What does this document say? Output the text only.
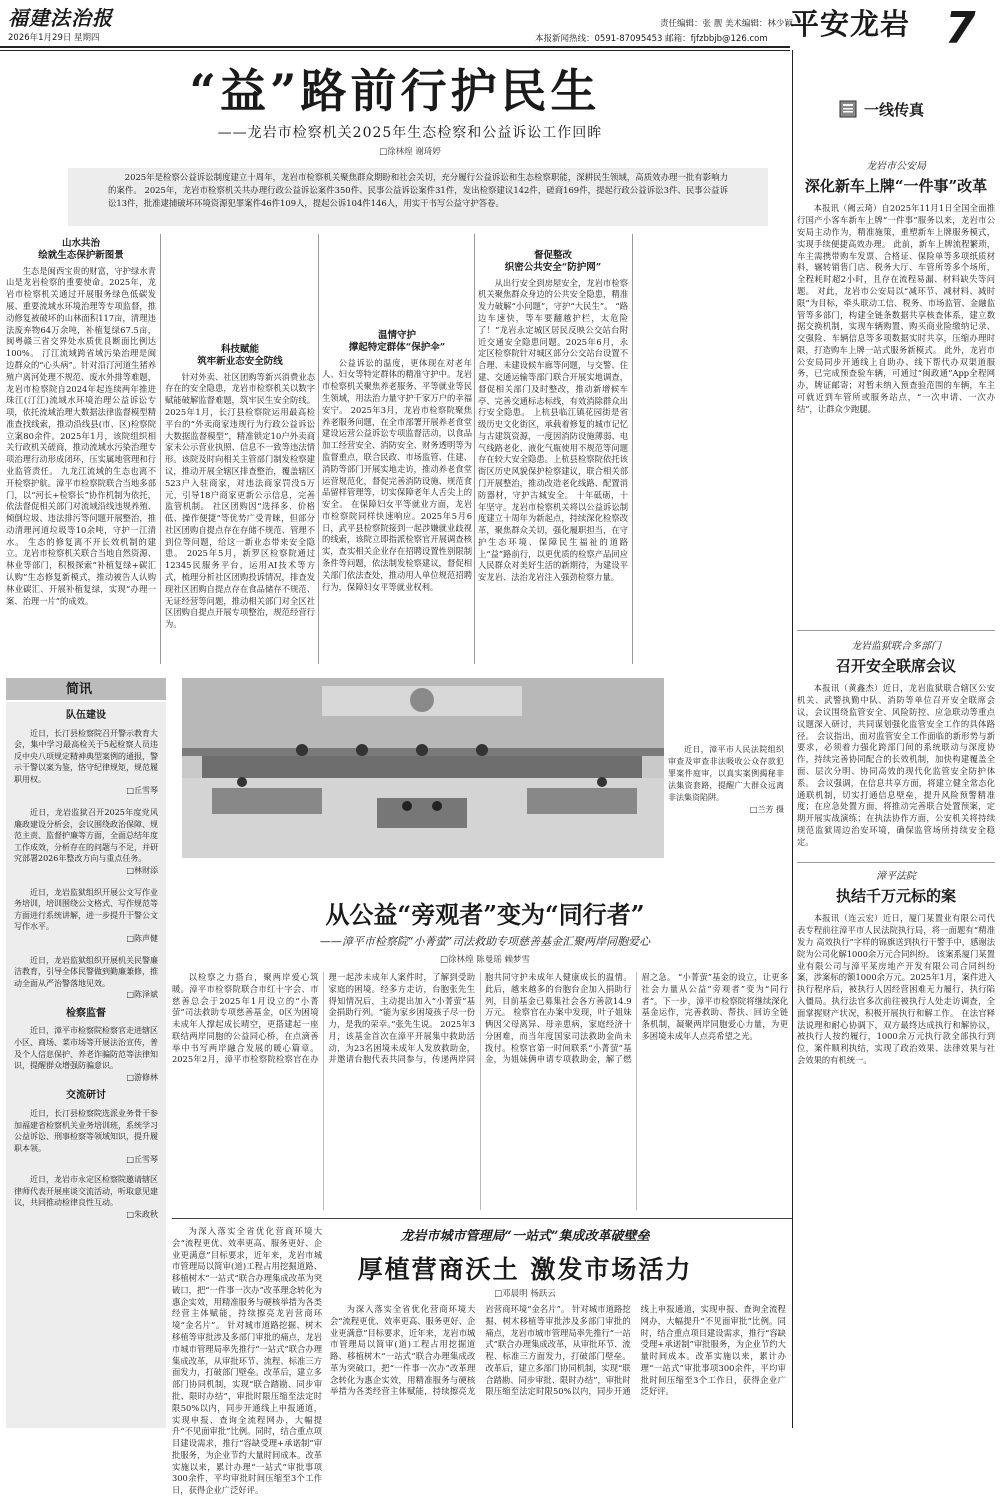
福建法治报
2026年1月29日 星期四
责任编辑：张 靓 美术编辑：林少颖
本报新闻热线：0591-87095453 邮箱：fjfzbbjb@126.com 平安龙岩 7
“益”路前行护民生
——龙岩市检察机关2025年生态检察和公益诉讼工作回眸
□徐林煌 谢琦婷
2025年是检察公益诉讼制度建立十周年，龙岩市检察机关聚焦群众期盼和社会关切，充分履行公益诉讼和生态检察职能，深耕民生领域，高质效办理一批有影响力的案件。 2025年，龙岩市检察机关共办理行政公益诉讼案件350件、民事公益诉讼案件31件，发出检察建议142件，磋商169件，提起行政公益诉讼3件、民事公益诉讼13件，批准逮捕破坏环境资源犯罪案件46件109人，提起公诉104件146人，用实干书写公益守护答卷。
山水共治
绘就生态保护新图景
生态是闽西宝贵的财富，守护绿水青山是龙岩检察的重要使命。2025年，龙岩市检察机关通过开展服务绿色低碳发展、重要流域水环境治理等专项监督，推动修复被破坏的山林面积117亩，清理违法废弃物64万余吨，补植复绿67.5亩，闽粤赣三省交界处水质优良断面比例达100%。 汀江流域跨省域污染治理是闽边群众的“心头病”。针对沿汀河道生猪养殖户离河处理不规范、废水外排等难题，龙岩市检察院自2024年起连续两年推进珠江(汀江)流域水环境治理公益诉讼专项，依托流域治理大数据法律监督模型精准查找线索，推动沿线县(市、区)检察院立案80余件。2025年1月，该院组织相关行政机关磋商，推动流域水污染治理专项治理行动形成闭环，压实属地管理和行业监管责任。 九龙江流域的生态也离不开检察护航。漳平市检察院联合当地多部门，以“河长+检察长”协作机制为依托，依法督促相关部门对流域沿线违规养殖、倾倒垃圾、违法排污等问题开展整治，推动清理河道垃圾等10余吨，守护一江清水。 生态的修复离不开长效机制的建立。龙岩市检察机关联合当地自然资源、林业等部门，积极探索“补植复绿+碳汇认购”生态修复新模式，推动被告人认购林业碳汇、开展补植复绿，实现“办理一案、治理一片”的成效。
科技赋能
筑牢新业态安全防线
针对外卖、社区团购等新兴消费业态存在的安全隐患，龙岩市检察机关以数字赋能破解监督难题，筑牢民生安全防线。 2025年1月，长汀县检察院运用最高检平台的“外卖商家违规行为行政公益诉讼大数据监督模型”，精准锁定10户外卖商家未公示营业执照、信息不一致等违法情形。该院及时向相关主管部门制发检察建议，推动开展全辖区排查整治，覆盖辖区523户入驻商家，对违法商家罚没5万元，引导18户商家更新公示信息，完善监管机制。 社区团购因“选择多、价格低、操作便捷”等优势广受青睐，但部分社区团购自提点存在存储不规范、管理不到位等问题，给这一新业态带来安全隐患。 2025年5月，新罗区检察院通过12345民服务平台，运用AI技术等方式，梳理分析社区团购投诉情况，排查发现社区团购自提点存在食品储存不规范、无证经营等问题，推动相关部门对全区社区团购自提点开展专项整治，规范经营行为。
温情守护
撑起特定群体“保护伞”
公益诉讼的温度，更体现在对老年人、妇女等特定群体的精准守护中。龙岩市检察机关聚焦养老服务、平等就业等民生领域，用法治力量守护千家万户的幸福安宁。 2025年3月，龙岩市检察院聚焦养老服务问题，在全市部署开展养老食堂建设运营公益诉讼专项监督活动，以食品加工经营安全、消防安全、财务透明等为监督重点，联合民政、市场监管、住建、消防等部门开展实地走访，推动养老食堂运营规范化，督促完善消防设施、规范食品留样管理等，切实保障老年人舌尖上的安全。 在保障妇女平等就业方面，龙岩市检察院同样快速响应。2025年5月6日，武平县检察院接到一起涉嫌就业歧视的线索，该院立即指派检察官开展调查核实，查实相关企业存在招聘设置性别限制条件等问题，依法制发检察建议，督促相关部门依法查处，推动用人单位规范招聘行为，保障妇女平等就业权利。
督促整改
织密公共安全“防护网”
从出行安全到房屋安全，龙岩市检察机关聚焦群众身边的公共安全隐患，精准发力破解“小问题”，守护“大民生”。 “路边车速快，等车要翻越护栏，太危险了！”龙岩永定城区居民反映公交站台附近交通安全隐患问题。2025年6月，永定区检察院针对城区部分公交站台设置不合理、未建设候车廊等问题，与交警、住建、交通运输等部门联合开展实地调查，督促相关部门及时整改，推动新增候车亭、完善交通标志标线，有效消除群众出行安全隐患。 上杭县临江镇花园街是省级历史文化街区，承载着修复的城市记忆与古建筑资源，一度因消防设施薄弱、电气线路老化、液化气瓶使用不规范等问题存在较大安全隐患。上杭县检察院依托该街区历史风貌保护检察建议，联合相关部门开展整治，推动改造老化线路、配置消防器材，守护古城安全。 十年砥砺，十年坚守。龙岩市检察机关将以公益诉讼制度建立十周年为新起点，持续深化检察改革，聚焦群众关切，强化履职担当，在守护生态环境、保障民生福祉的道路上“益”路前行，以更优质的检察产品回应人民群众对美好生活的新期待，为建设平安龙岩、法治龙岩注入强劲检察力量。
一线传真
龙岩市公安局
深化新车上牌“一件事”改革
本报讯（阙云琦）自2025年11月1日全国全面推行国产小客车新车上牌“一件事”服务以来，龙岩市公安局主动作为，精准施策，重塑新车上牌服务模式，实现手续便捷高效办理。 此前，新车上牌流程繁琐，车主需携带购车发票、合格证、保险单等多项纸质材料，辗转销售门店、税务大厅、车管所等多个场所，全程耗时超2小时，且存在流程易漏、材料缺失等问题。 对此，龙岩市公安局以“减环节、减材料、减时限”为目标，牵头联动工信、税务、市场监管、金融监管等多部门，构建全链条数据共享核查体系，建立数据交换机制，实现车辆购置、购买商业险缴纳记录、交强险、车辆信息等多项数据实时共享，压缩办理时限，打造购车上牌一站式服务新模式。 此外，龙岩市公安局同步开通线上自助办、线下帮代办双渠道服务，已完成预查验车辆，可通过“闽政通”App全程网办，牌证邮寄；对暂未纳入预查验范围的车辆，车主可就近到车管所或服务站点，“一次申请、一次办结”，让群众少跑腿。
龙岩监狱联合多部门
召开安全联席会议
本报讯（黄鑫杰）近日，龙岩监狱联合辖区公安机关、武警执勤中队、消防等单位召开安全联席会议，会议围绕监管安全、风险防控、应急联动等重点议题深入研讨，共同谋划强化监管安全工作的具体路径。 会议指出，面对监管安全工作面临的新形势与新要求，必须着力强化跨部门间的系统联动与深度协作，持续完善协同配合的长效机制，加快构建覆盖全面、层次分明、协同高效的现代化监管安全防护体系。 会议强调，在信息共享方面，将建立健全常态化通联机制，切实打通信息壁垒，提升风险预警精准度；在应急处置方面，将推动完善联合处置预案，定期开展实战演练；在执法协作方面，公安机关将持续规范监狱周边治安环境，确保监管场所持续安全稳定。
漳平法院
执结千万元标的案
本报讯（连云宏）近日，厦门某置业有限公司代表专程前往漳平市人民法院执行局，将一面题有“精准发力 高效执行”字样的锦旗送到执行干警手中，感谢法院为公司化解1000余万元合同纠纷。 该案系厦门某置业有限公司与漳平某房地产开发有限公司合同纠纷案，涉案标的额1000余万元。2025年1月，案件进入执行程序后，被执行人因经营困难无力履行，执行陷入僵局。执行法官多次前往被执行人处走访调查，全面掌握财产状况，积极开展执行和解工作。 在法官释法说理和耐心协调下，双方最终达成执行和解协议，被执行人按约履行，1000余万元执行款全部执行到位，案件顺利执结，实现了政治效果、法律效果与社会效果的有机统一。
简讯
队伍建设
近日，长汀县检察院召开警示教育大会，集中学习最高检关于5起检察人员违反中央八项规定精神典型案例的通报，警示干警以案为鉴，恪守纪律规矩，规范履职用权。
□丘雪琴
近日，龙岩监狱召开2025年度党风廉政建设分析会，会议围绕政治保障、规范主责、监督护廉等方面，全面总结年度工作成效，分析存在的问题与不足，并研究部署2026年整改方向与重点任务。
□林财添
近日，龙岩监狱组织开展公文写作业务培训，培训围绕公文格式、写作规范等方面进行系统讲解，进一步提升干警公文写作水平。
□陈声健
近日，龙岩监狱组织开展机关民警廉洁教育，引导全体民警做到勤廉兼修，推动全面从严治警落地见效。
□陈泽斌
检察监督
近日，漳平市检察院检察官走进辖区小区、商场、菜市场等开展法治宣传，普及个人信息保护、养老诈骗防范等法律知识，提醒群众增强防骗意识。
□游修林
交流研讨
近日，长汀县检察院选派业务骨干参加福建省检察机关业务培训班，系统学习公益诉讼、刑事检察等领域知识，提升履职本领。
□丘雪琴
近日，龙岩市永定区检察院邀请辖区律师代表开展座谈交流活动，听取意见建议，共同推动检律良性互动。
□朱政秋
近日，漳平市人民法院组织审查及审查非法吸收公众存款犯罪案件庭审，以真实案例揭秘非法集资套路，提醒广大群众远离非法集资陷阱。
□兰芳 摄
从公益“旁观者”变为“同行者”
——漳平市检察院“小菁萤”司法救助专项慈善基金汇聚两岸同胞爱心
□徐林煌 陈曼瑶 赖梦雪
以检察之力搭台，聚两岸爱心筑暖。漳平市检察院联合市红十字会、市慈善总会于2025年1月设立的“小菁萤”司法救助专项慈善基金，0区为困境未成年人撑起成长晴空，更搭建起一座联结两岸同胞的公益同心桥，在点滴善举中书写两岸融合发展的暖心篇章。 2025年2月，漳平市检察院检察官在办理一起涉未成年人案件时，了解到受助家庭的困境。经多方走访，台胞张先生得知情况后，主动提出加入“小菁萤”基金捐助行列。“能为家乡困境孩子尽一份力，是我的荣幸。”张先生说。 2025年3月，该基金首次在漳平开展集中救助活动，为23名困境未成年人发放救助金，并邀请台胞代表共同参与，传递两岸同胞共同守护未成年人健康成长的温情。此后，越来越多的台胞台企加入捐助行列，目前基金已募集社会各方善款14.9万元。 检察官在办案中发现，叶子姐妹俩因父母离异、母亲患病，家庭经济十分困难，而当年度国家司法救助金尚未拨付。检察官第一时间联系“小菁萤”基金，为姐妹俩申请专项救助金，解了燃眉之急。 “小菁萤”基金的设立，让更多社会力量从公益“旁观者”变为“同行者”。下一步，漳平市检察院将继续深化基金运作，完善救助、帮扶、回访全链条机制，凝聚两岸同胞爱心力量，为更多困境未成年人点亮希望之光。
为深入落实全省优化营商环境大会“流程更优、效率更高、服务更好、企业更满意”目标要求，近年来，龙岩市城市管理局以简审(道)工程占用挖掘道路、移植树木“一站式”联合办理集成改革为突破口，把“一件事一次办”改革理念转化为惠企实效，用精准服务与硬核举措为各类经营主体赋能，持续擦亮龙岩营商环境“金名片”。 针对城市道路挖掘、树木移植等审批涉及多部门审批的痛点，龙岩市城市管理局率先推行“一站式”联合办理集成改革，从审批环节、流程、标准三方面发力，打破部门壁垒。改革后，建立多部门协同机制，实现“联合踏勘、同步审批、限时办结”，审批时限压缩至法定时限50%以内，同步开通线上申报通道，实现申报、查询全流程网办，大幅提升“不见面审批”比例。同时，结合重点项目建设需求，推行“容缺受理+承诺制”审批服务，为企业节约大量时间成本。改革实施以来，累计办理“一站式”审批事项300余件，平均审批时间压缩至3个工作日，获得企业广泛好评。
龙岩市城市管理局“一站式”集成改革破壁垒
厚植营商沃土 激发市场活力
□邓晨明 杨跃云
为深入落实全省优化营商环境大会“流程更优、效率更高、服务更好、企业更满意”目标要求，近年来，龙岩市城市管理局以简审(道)工程占用挖掘道路、移植树木“一站式”联合办理集成改革为突破口，把“一件事一次办”改革理念转化为惠企实效，用精准服务与硬核举措为各类经营主体赋能，持续擦亮龙岩营商环境“金名片”。 针对城市道路挖掘、树木移植等审批涉及多部门审批的痛点，龙岩市城市管理局率先推行“一站式”联合办理集成改革，从审批环节、流程、标准三方面发力，打破部门壁垒。改革后，建立多部门协同机制，实现“联合踏勘、同步审批、限时办结”，审批时限压缩至法定时限50%以内，同步开通线上申报通道，实现申报、查询全流程网办，大幅提升“不见面审批”比例。同时，结合重点项目建设需求，推行“容缺受理+承诺制”审批服务，为企业节约大量时间成本。改革实施以来，累计办理“一站式”审批事项300余件，平均审批时间压缩至3个工作日，获得企业广泛好评。
